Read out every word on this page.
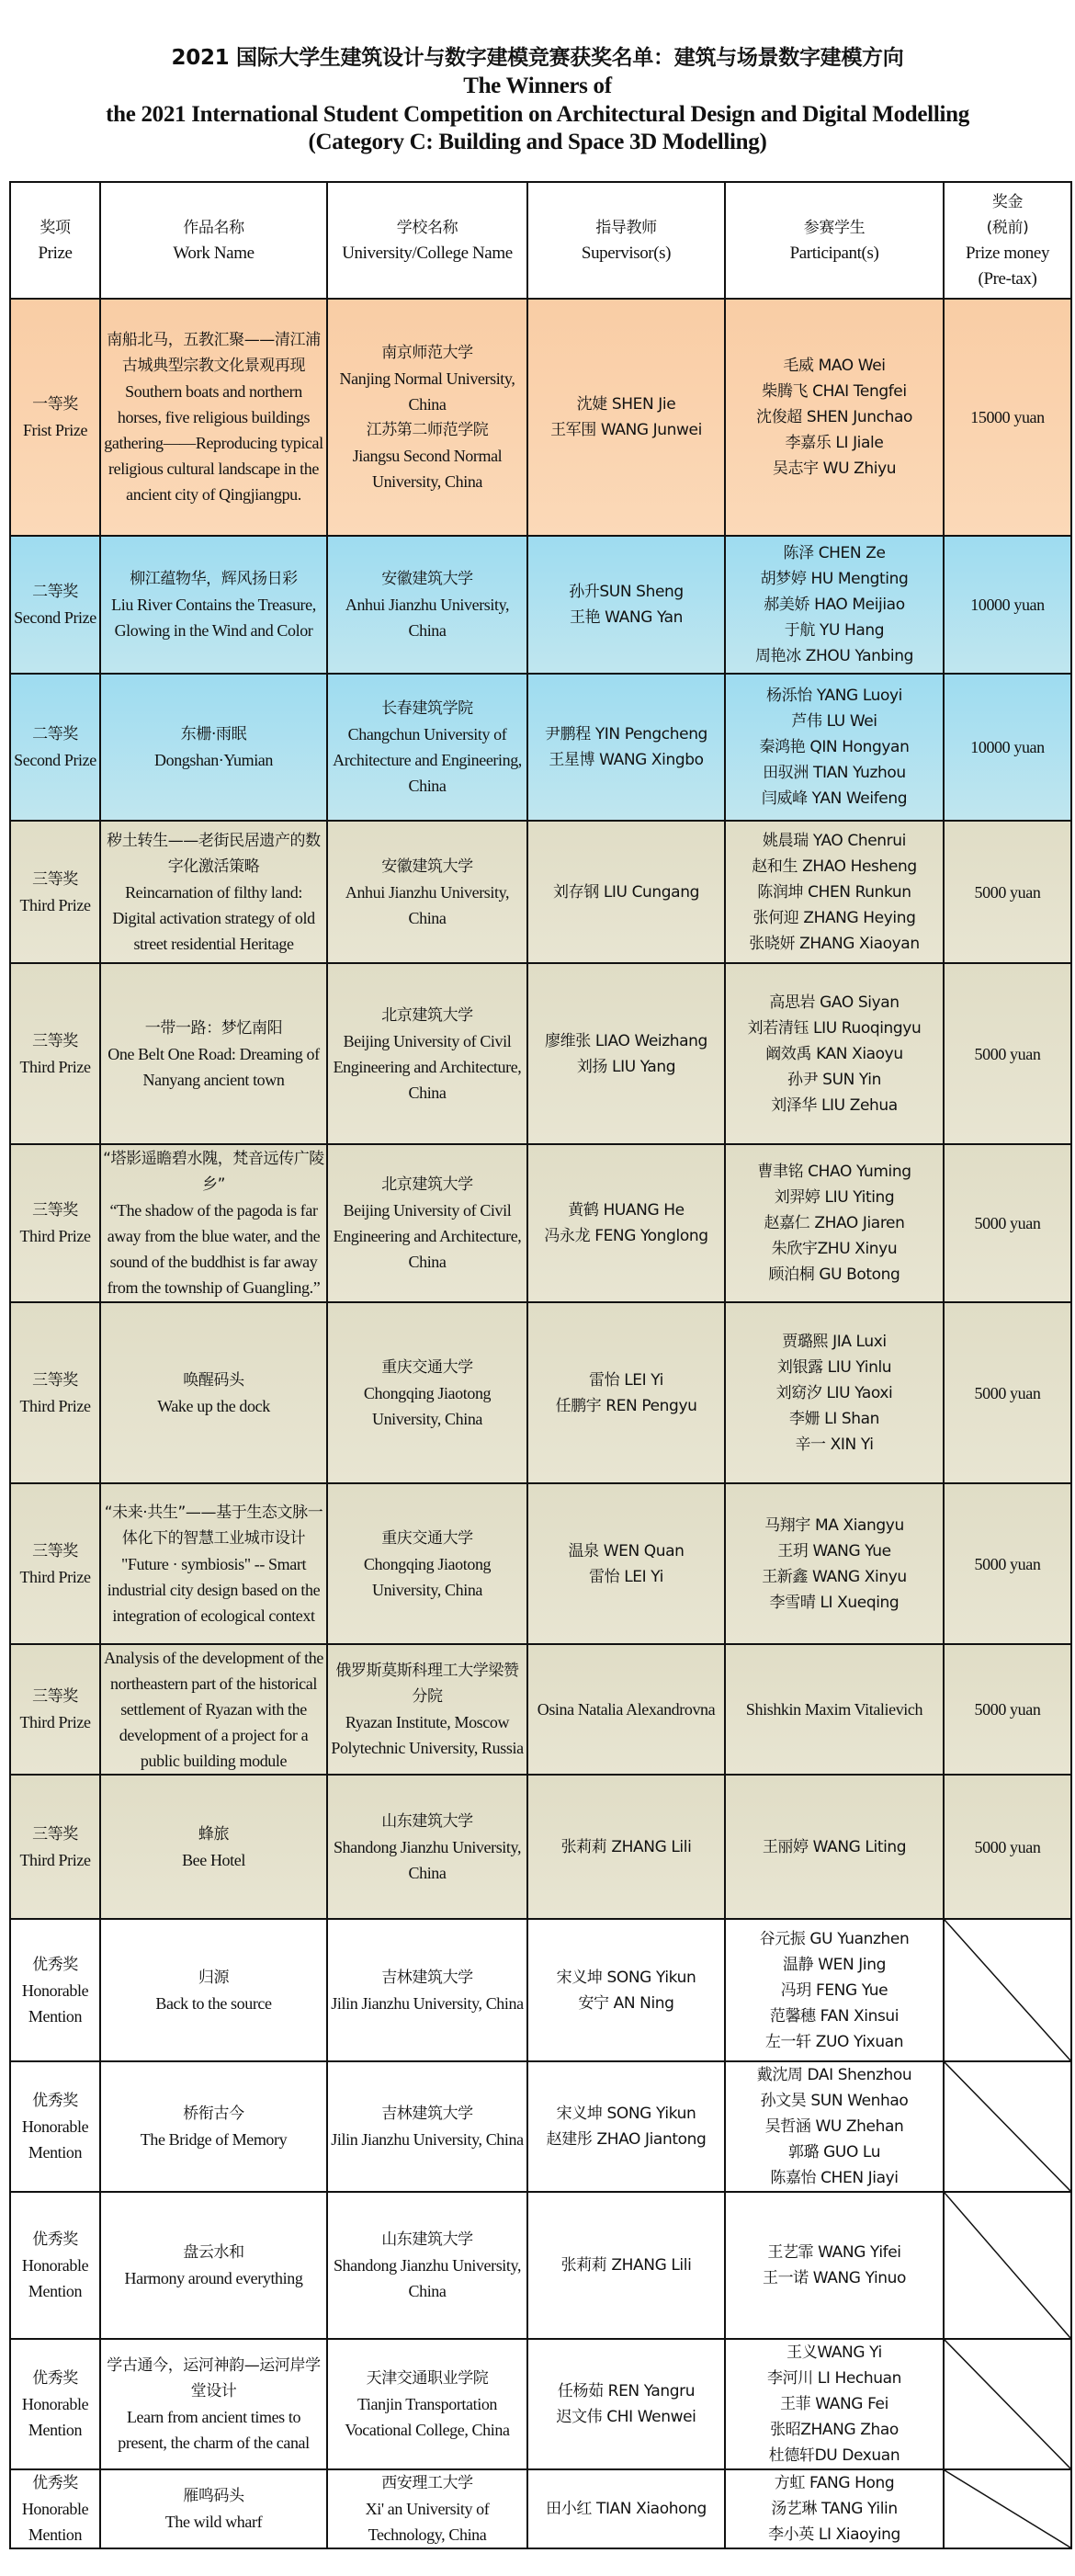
2021 国际大学生建筑设计与数字建模竞赛获奖名单：建筑与场景数字建模方向
The Winners of
the 2021 International Student Competition on Architectural Design and Digital Modelling
(Category C: Building and Space 3D Modelling)
奖项
Prize	作品名称
Work Name	学校名称
University/College Name	指导教师
Supervisor(s)	参赛学生
Participant(s)	奖金
(税前)
Prize money
(Pre-tax)

一等奖
Frist Prize	南船北马，五教汇聚——清江浦古城典型宗教文化景观再现
Southern boats and northern horses, five religious buildings gathering——Reproducing typical religious cultural landscape in the ancient city of Qingjiangpu.	南京师范大学
Nanjing Normal University, China
江苏第二师范学院
Jiangsu Second Normal University, China	沈婕 SHEN Jie
王军围 WANG Junwei	毛威 MAO Wei
柴腾飞 CHAI Tengfei
沈俊超 SHEN Junchao
李嘉乐 LI Jiale
吴志宇 WU Zhiyu	15000 yuan

二等奖
Second Prize	柳江蕴物华，辉风扬日彩
Liu River Contains the Treasure, Glowing in the Wind and Color	安徽建筑大学
Anhui Jianzhu University, China	孙升SUN Sheng
王艳 WANG Yan	陈泽 CHEN Ze
胡梦婷 HU Mengting
郝美娇 HAO Meijiao
于航 YU Hang
周艳冰 ZHOU Yanbing	10000 yuan

二等奖
Second Prize	东栅·雨眠
Dongshan·Yumian	长春建筑学院
Changchun University of Architecture and Engineering, China	尹鹏程 YIN Pengcheng
王星博 WANG Xingbo	杨泺怡 YANG Luoyi
芦伟 LU Wei
秦鸿艳 QIN Hongyan
田驭洲 TIAN Yuzhou
闫威峰 YAN Weifeng	10000 yuan

三等奖
Third Prize	秽土转生——老街民居遗产的数字化激活策略
Reincarnation of filthy land: Digital activation strategy of old street residential Heritage	安徽建筑大学
Anhui Jianzhu University, China	刘存钢 LIU Cungang	姚晨瑞 YAO Chenrui
赵和生 ZHAO Hesheng
陈润坤 CHEN Runkun
张何迎 ZHANG Heying
张晓妍 ZHANG Xiaoyan	5000 yuan

三等奖
Third Prize	一带一路：梦忆南阳
One Belt One Road: Dreaming of Nanyang ancient town	北京建筑大学
Beijing University of Civil Engineering and Architecture, China	廖维张 LIAO Weizhang
刘扬 LIU Yang	高思岩 GAO Siyan
刘若清钰 LIU Ruoqingyu
阚效禹 KAN Xiaoyu
孙尹 SUN Yin
刘泽华 LIU Zehua	5000 yuan

三等奖
Third Prize	“塔影遥瞻碧水隗，梵音远传广陵乡”
“The shadow of the pagoda is far away from the blue water, and the sound of the buddhist is far away from the township of Guangling.”	北京建筑大学
Beijing University of Civil Engineering and Architecture, China	黄鹤 HUANG He
冯永龙 FENG Yonglong	曹聿铭 CHAO Yuming
刘羿婷 LIU Yiting
赵嘉仁 ZHAO Jiaren
朱欣宇ZHU Xinyu
顾泊桐 GU Botong	5000 yuan

三等奖
Third Prize	唤醒码头
Wake up the dock	重庆交通大学
Chongqing Jiaotong University, China	雷怡 LEI Yi
任鹏宇 REN Pengyu	贾璐熙 JIA Luxi
刘银露 LIU Yinlu
刘窈汐 LIU Yaoxi
李姗 LI Shan
辛一 XIN Yi	5000 yuan

三等奖
Third Prize	“未来·共生”——基于生态文脉一体化下的智慧工业城市设计
"Future · symbiosis" -- Smart industrial city design based on the integration of ecological context	重庆交通大学
Chongqing Jiaotong University, China	温泉 WEN Quan
雷怡 LEI Yi	马翔宇 MA Xiangyu
王玥 WANG Yue
王新鑫 WANG Xinyu
李雪晴 LI Xueqing	5000 yuan

三等奖
Third Prize	Analysis of the development of the northeastern part of the historical settlement of Ryazan with the development of a project for a public building module	俄罗斯莫斯科理工大学梁赞分院
Ryazan Institute, Moscow Polytechnic University, Russia	Osina Natalia Alexandrovna	Shishkin Maxim Vitalievich	5000 yuan

三等奖
Third Prize	蜂旅
Bee Hotel	山东建筑大学
Shandong Jianzhu University, China	张莉莉 ZHANG Lili	王丽婷 WANG Liting	5000 yuan

优秀奖
Honorable Mention	归源
Back to the source	吉林建筑大学
Jilin Jianzhu University, China	宋义坤 SONG Yikun
安宁 AN Ning	谷元振 GU Yuanzhen
温静 WEN Jing
冯玥 FENG Yue
范馨穗 FAN Xinsui
左一轩 ZUO Yixuan

优秀奖
Honorable Mention	桥衔古今
The Bridge of Memory	吉林建筑大学
Jilin Jianzhu University, China	宋义坤 SONG Yikun
赵建彤 ZHAO Jiantong	戴沈周 DAI Shenzhou
孙文昊 SUN Wenhao
吴哲涵 WU Zhehan
郭璐 GUO Lu
陈嘉怡 CHEN Jiayi

优秀奖
Honorable Mention	盘云水和
Harmony around everything	山东建筑大学
Shandong Jianzhu University, China	张莉莉 ZHANG Lili	王艺霏 WANG Yifei
王一诺 WANG Yinuo

优秀奖
Honorable Mention	学古通今，运河神韵—运河岸学堂设计
Learn from ancient times to present, the charm of the canal	天津交通职业学院
Tianjin Transportation Vocational College, China	任杨茹 REN Yangru
迟文伟 CHI Wenwei	王义WANG Yi
李河川 LI Hechuan
王菲 WANG Fei
张昭ZHANG Zhao
杜德轩DU Dexuan

优秀奖
Honorable Mention	雁鸣码头
The wild wharf	西安理工大学
Xi' an University of Technology, China	田小红 TIAN Xiaohong	方虹 FANG Hong
汤艺琳 TANG Yilin
李小英 LI Xiaoying
